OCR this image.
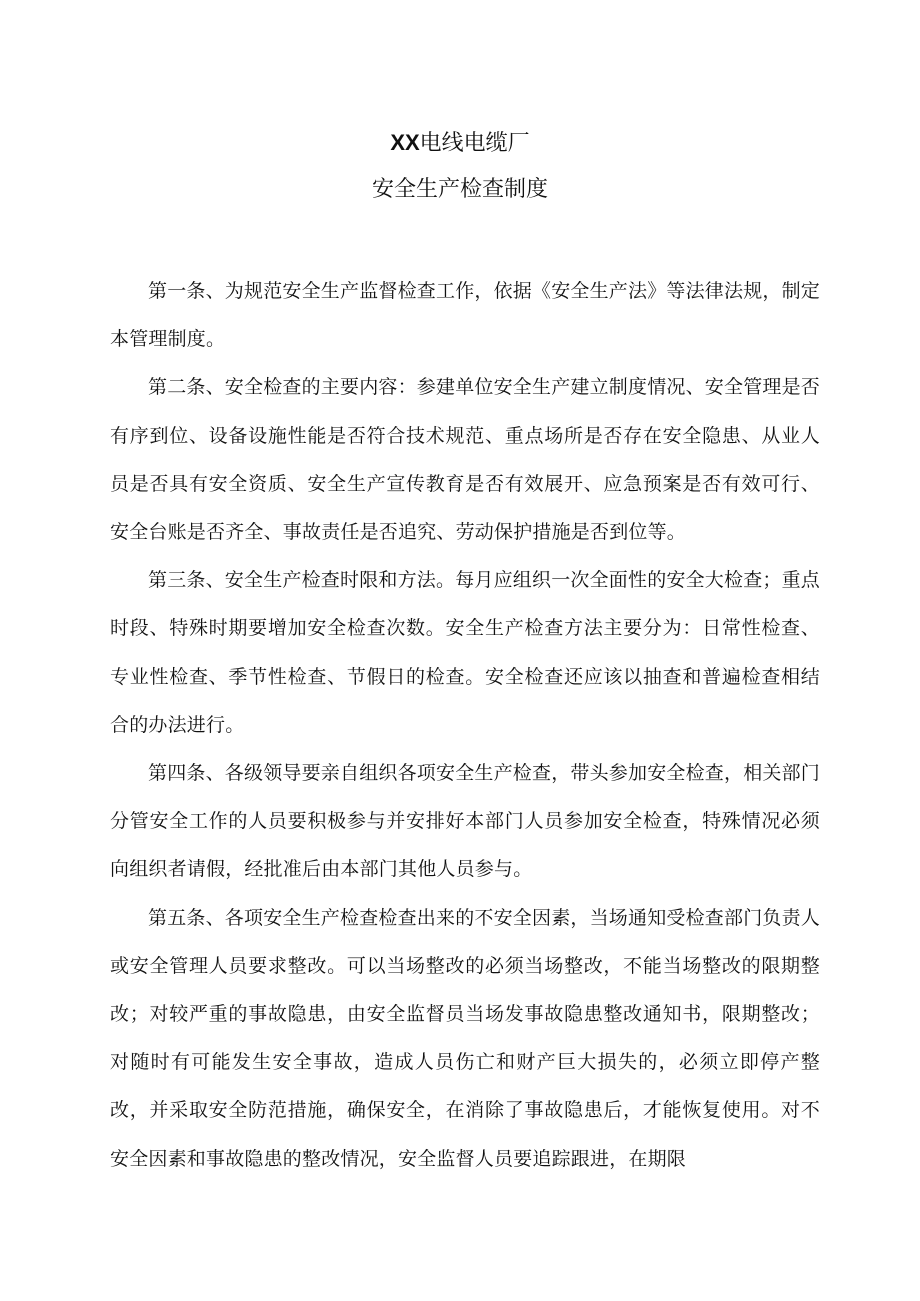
XX电线电缆厂
安全生产检查制度

第一条、为规范安全生产监督检查工作，依据《安全生产法》等法律法规，制定本管理制度。

第二条、安全检查的主要内容：参建单位安全生产建立制度情况、安全管理是否有序到位、设备设施性能是否符合技术规范、重点场所是否存在安全隐患、从业人员是否具有安全资质、安全生产宣传教育是否有效展开、应急预案是否有效可行、安全台账是否齐全、事故责任是否追究、劳动保护措施是否到位等。

第三条、安全生产检查时限和方法。每月应组织一次全面性的安全大检查；重点时段、特殊时期要增加安全检查次数。安全生产检查方法主要分为：日常性检查、专业性检查、季节性检查、节假日的检查。安全检查还应该以抽查和普遍检查相结合的办法进行。

第四条、各级领导要亲自组织各项安全生产检查，带头参加安全检查，相关部门分管安全工作的人员要积极参与并安排好本部门人员参加安全检查，特殊情况必须向组织者请假，经批准后由本部门其他人员参与。

第五条、各项安全生产检查检查出来的不安全因素，当场通知受检查部门负责人或安全管理人员要求整改。可以当场整改的必须当场整改，不能当场整改的限期整改；对较严重的事故隐患，由安全监督员当场发事故隐患整改通知书，限期整改；对随时有可能发生安全事故，造成人员伤亡和财产巨大损失的，必须立即停产整改，并采取安全防范措施，确保安全，在消除了事故隐患后，才能恢复使用。对不安全因素和事故隐患的整改情况，安全监督人员要追踪跟进，在期限
